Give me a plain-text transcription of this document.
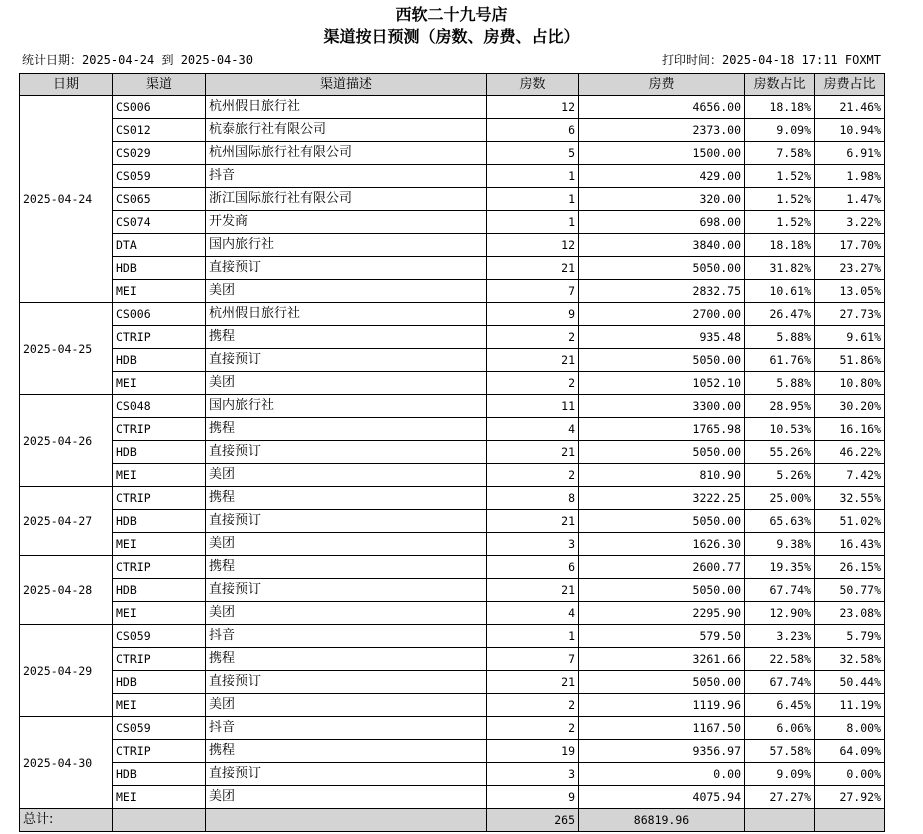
西软二十九号店
渠道按日预测（房数、房费、占比）
统计日期：2025-04-24 到 2025-04-30	打印时间：2025-04-18 17:11 FOXMT
日期	渠道	渠道描述	房数	房费	房数占比	房费占比
2025-04-24	CS006	杭州假日旅行社	12	4656.00	18.18%	21.46%
	CS012	杭泰旅行社有限公司	6	2373.00	9.09%	10.94%
	CS029	杭州国际旅行社有限公司	5	1500.00	7.58%	6.91%
	CS059	抖音	1	429.00	1.52%	1.98%
	CS065	浙江国际旅行社有限公司	1	320.00	1.52%	1.47%
	CS074	开发商	1	698.00	1.52%	3.22%
	DTA	国内旅行社	12	3840.00	18.18%	17.70%
	HDB	直接预订	21	5050.00	31.82%	23.27%
	MEI	美团	7	2832.75	10.61%	13.05%
2025-04-25	CS006	杭州假日旅行社	9	2700.00	26.47%	27.73%
	CTRIP	携程	2	935.48	5.88%	9.61%
	HDB	直接预订	21	5050.00	61.76%	51.86%
	MEI	美团	2	1052.10	5.88%	10.80%
2025-04-26	CS048	国内旅行社	11	3300.00	28.95%	30.20%
	CTRIP	携程	4	1765.98	10.53%	16.16%
	HDB	直接预订	21	5050.00	55.26%	46.22%
	MEI	美团	2	810.90	5.26%	7.42%
2025-04-27	CTRIP	携程	8	3222.25	25.00%	32.55%
	HDB	直接预订	21	5050.00	65.63%	51.02%
	MEI	美团	3	1626.30	9.38%	16.43%
2025-04-28	CTRIP	携程	6	2600.77	19.35%	26.15%
	HDB	直接预订	21	5050.00	67.74%	50.77%
	MEI	美团	4	2295.90	12.90%	23.08%
2025-04-29	CS059	抖音	1	579.50	3.23%	5.79%
	CTRIP	携程	7	3261.66	22.58%	32.58%
	HDB	直接预订	21	5050.00	67.74%	50.44%
	MEI	美团	2	1119.96	6.45%	11.19%
2025-04-30	CS059	抖音	2	1167.50	6.06%	8.00%
	CTRIP	携程	19	9356.97	57.58%	64.09%
	HDB	直接预订	3	0.00	9.09%	0.00%
	MEI	美团	9	4075.94	27.27%	27.92%
总计:			265	86819.96		
